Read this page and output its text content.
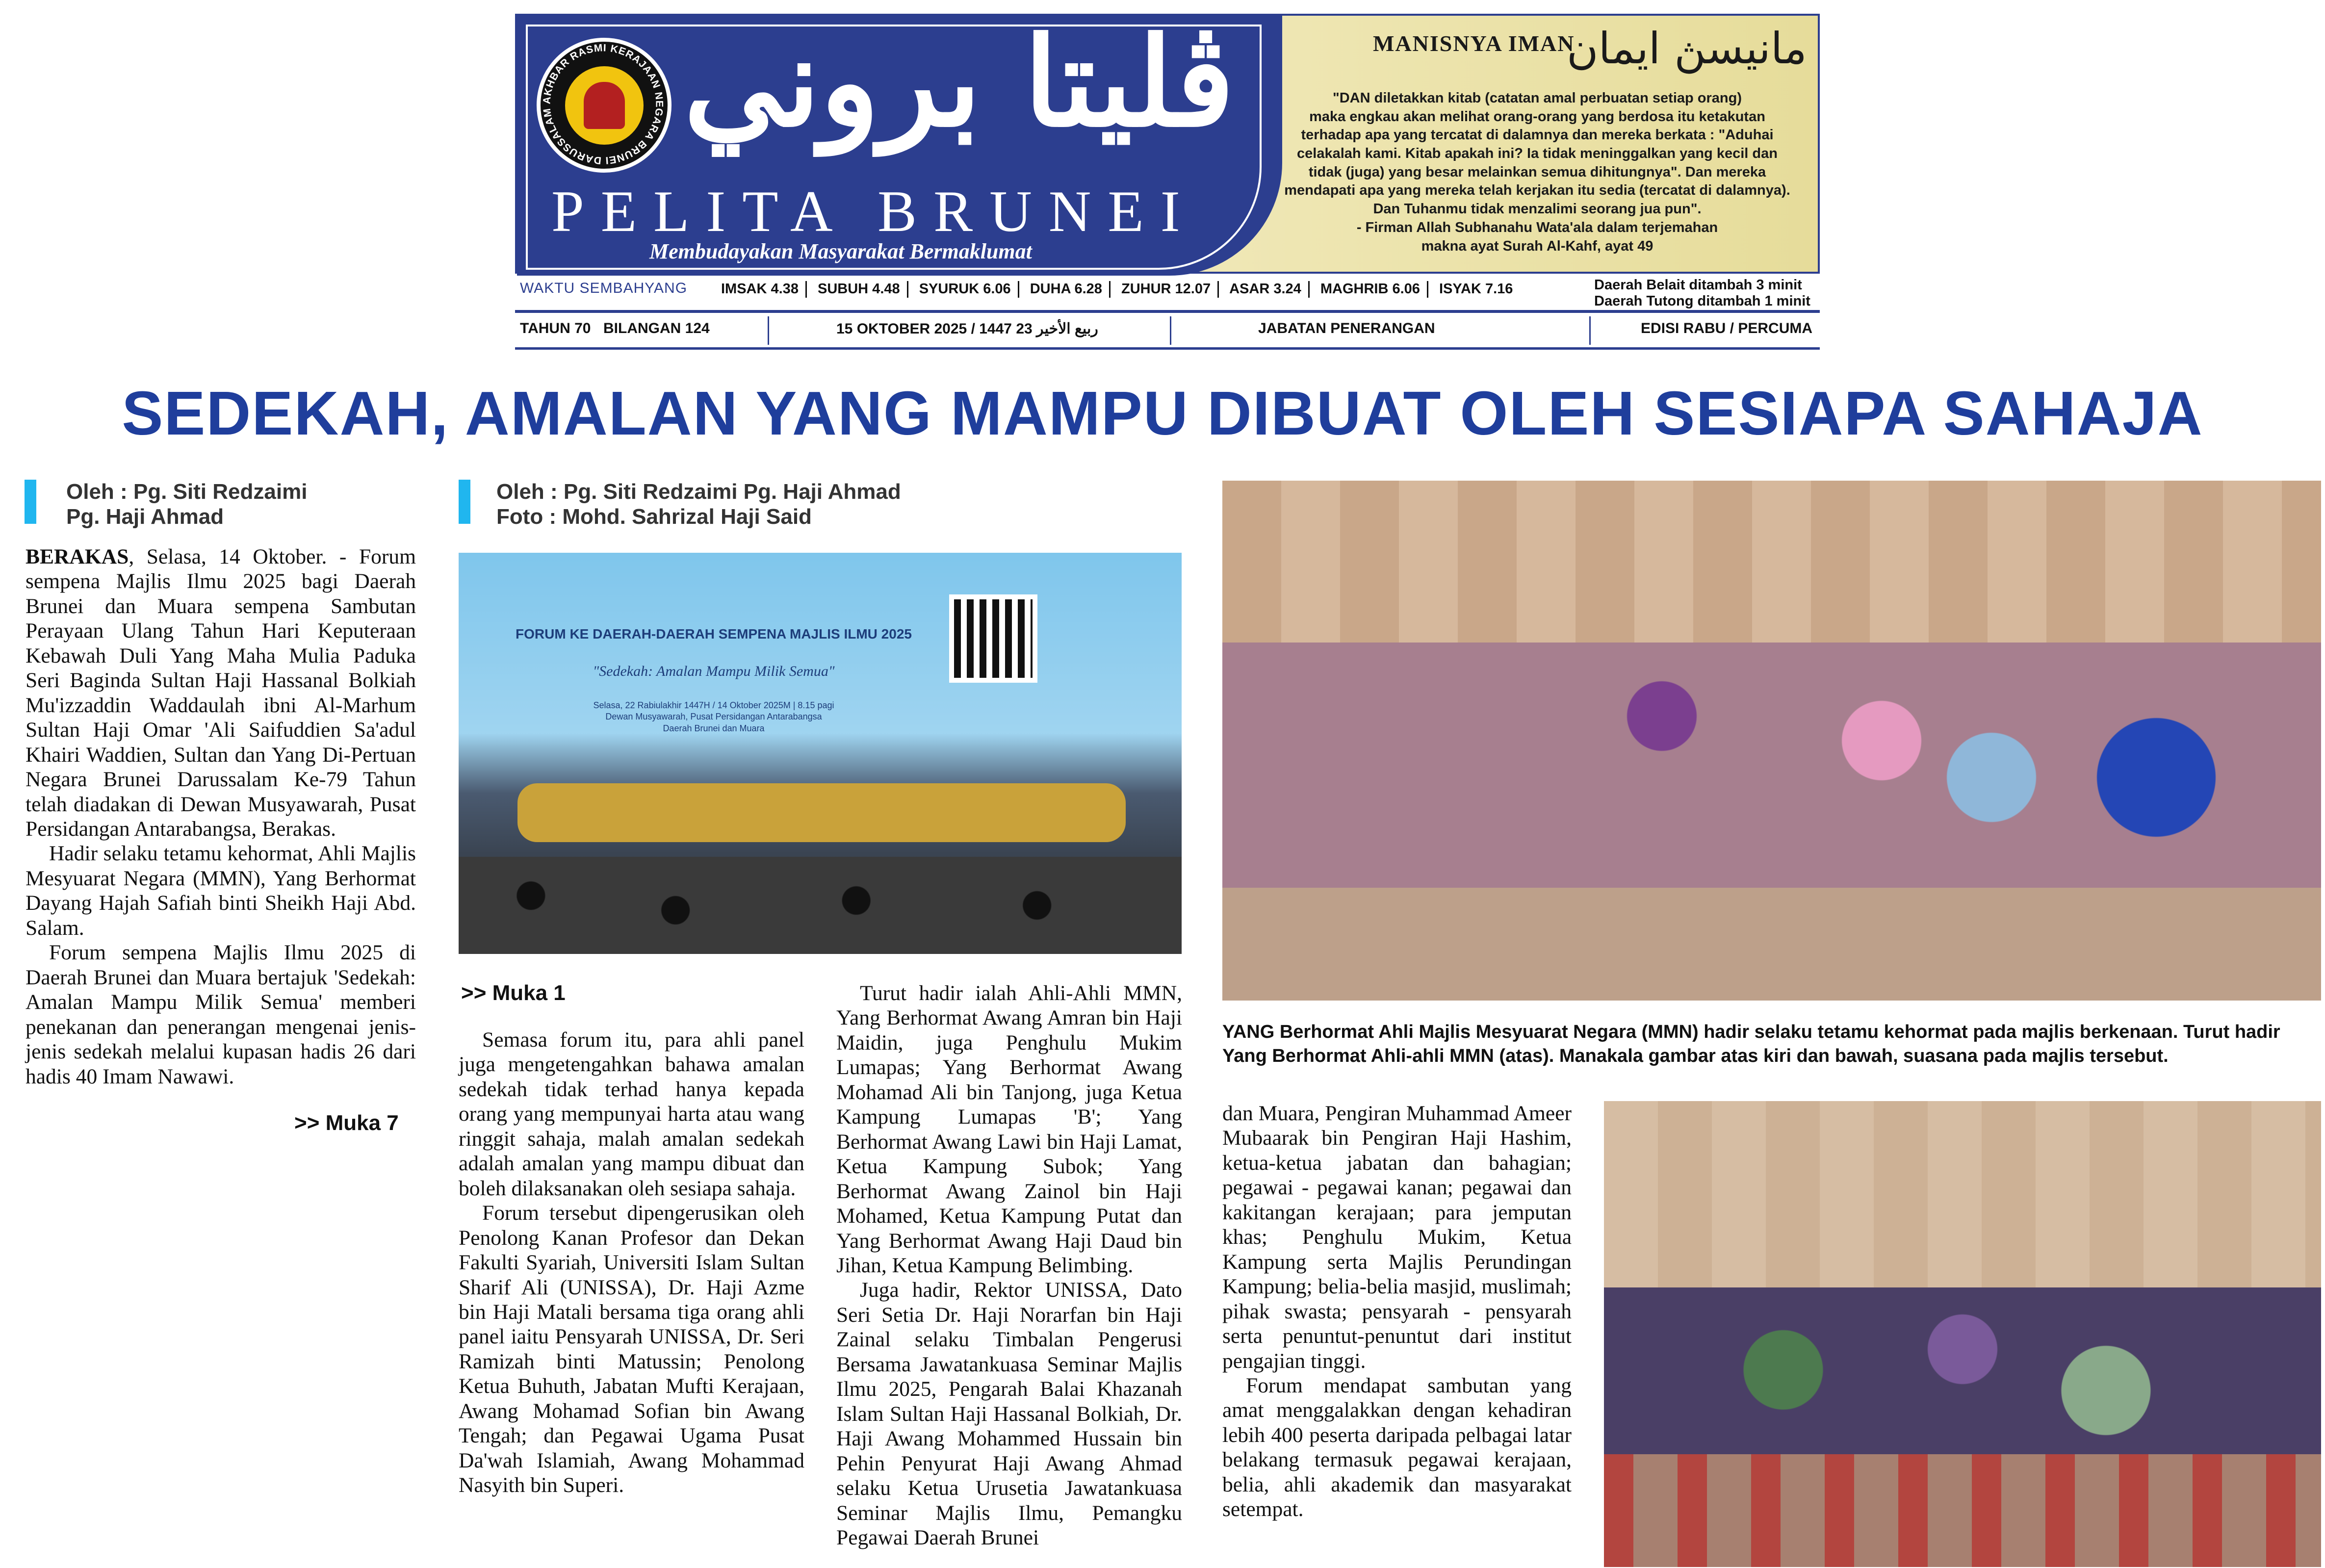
AKHBAR RASMI KERAJAAN NEGARA BRUNEI DARUSSALAM	ڤليتا بروني
PELITA BRUNEI
Membudayakan Masyarakat Bermaklumat
MANISNYA IMAN
مانيسڽ ايمان
"DAN diletakkan kitab (catatan amal perbuatan setiap orang)
maka engkau akan melihat orang-orang yang berdosa itu ketakutan
terhadap apa yang tercatat di dalamnya dan mereka berkata : "Aduhai
celakalah kami. Kitab apakah ini? Ia tidak meninggalkan yang kecil dan
tidak (juga) yang besar melainkan semua dihitungnya". Dan mereka
mendapati apa yang mereka telah kerjakan itu sedia (tercatat di dalamnya).
Dan Tuhanmu tidak menzalimi seorang jua pun".
- Firman Allah Subhanahu Wata'ala dalam terjemahan
makna ayat Surah Al-Kahf, ayat 49
WAKTU SEMBAHYANG IMSAK 4.38 SUBUH 4.48 SYURUK 6.06 DUHA 6.28 ZUHUR 12.07 ASAR 3.24 MAGHRIB 6.06 ISYAK 7.16	Daerah Belait ditambah 3 minit
Daerah Tutong ditambah 1 minit
TAHUN 70 BILANGAN 124	15 OKTOBER 2025 / 1447 ربيع الأخير 23	JABATAN PENERANGAN	EDISI RABU / PERCUMA
SEDEKAH, AMALAN YANG MAMPU DIBUAT OLEH SESIAPA SAHAJA
Oleh : Pg. Siti Redzaimi
Pg. Haji Ahmad

BERAKAS, Selasa, 14 Oktober. - Forum sempena Majlis Ilmu 2025 bagi Daerah Brunei dan Muara sempena Sambutan Perayaan Ulang Tahun Hari Keputeraan Kebawah Duli Yang Maha Mulia Paduka Seri Baginda Sultan Haji Hassanal Bolkiah Mu'izzaddin Waddaulah ibni Al-Marhum Sultan Haji Omar 'Ali Saifuddien Sa'adul Khairi Waddien, Sultan dan Yang Di-Pertuan Negara Brunei Darussalam Ke-79 Tahun telah diadakan di Dewan Musyawarah, Pusat Persidangan Antarabangsa, Berakas.

Hadir selaku tetamu kehormat, Ahli Majlis Mesyuarat Negara (MMN), Yang Berhormat Dayang Hajah Safiah binti Sheikh Haji Abd. Salam.

Forum sempena Majlis Ilmu 2025 di Daerah Brunei dan Muara bertajuk 'Sedekah: Amalan Mampu Milik Semua' memberi penekanan dan penerangan mengenai jenis-jenis sedekah melalui kupasan hadis 26 dari hadis 40 Imam Nawawi.

>> Muka 7
Oleh : Pg. Siti Redzaimi Pg. Haji Ahmad
Foto : Mohd. Sahrizal Haji Said
FORUM KE DAERAH-DAERAH SEMPENA MAJLIS ILMU 2025
"Sedekah: Amalan Mampu Milik Semua"
Selasa, 22 Rabiulakhir 1447H / 14 Oktober 2025M | 8.15 pagi
Dewan Musyawarah, Pusat Persidangan Antarabangsa
Daerah Brunei dan Muara
>> Muka 1

Semasa forum itu, para ahli panel juga mengetengahkan bahawa amalan sedekah tidak terhad hanya kepada orang yang mempunyai harta atau wang ringgit sahaja, malah amalan sedekah adalah amalan yang mampu dibuat dan boleh dilaksanakan oleh sesiapa sahaja.

Forum tersebut dipengerusikan oleh Penolong Kanan Profesor dan Dekan Fakulti Syariah, Universiti Islam Sultan Sharif Ali (UNISSA), Dr. Haji Azme bin Haji Matali bersama tiga orang ahli panel iaitu Pensyarah UNISSA, Dr. Seri Ramizah binti Matussin; Penolong Ketua Buhuth, Jabatan Mufti Kerajaan, Awang Mohamad Sofian bin Awang Tengah; dan Pegawai Ugama Pusat Da'wah Islamiah, Awang Mohammad Nasyith bin Superi.

Turut hadir ialah Ahli-Ahli MMN, Yang Berhormat Awang Amran bin Haji Maidin, juga Penghulu Mukim Lumapas; Yang Berhormat Awang Mohamad Ali bin Tanjong, juga Ketua Kampung Lumapas 'B'; Yang Berhormat Awang Lawi bin Haji Lamat, Ketua Kampung Subok; Yang Berhormat Awang Zainol bin Haji Mohamed, Ketua Kampung Putat dan Yang Berhormat Awang Haji Daud bin Jihan, Ketua Kampung Belimbing.

Juga hadir, Rektor UNISSA, Dato Seri Setia Dr. Haji Norarfan bin Haji Zainal selaku Timbalan Pengerusi Bersama Jawatankuasa Seminar Majlis Ilmu 2025, Pengarah Balai Khazanah Islam Sultan Haji Hassanal Bolkiah, Dr. Haji Awang Mohammed Hussain bin Pehin Penyurat Haji Awang Ahmad selaku Ketua Urusetia Jawatankuasa Seminar Majlis Ilmu, Pemangku Pegawai Daerah Brunei

YANG Berhormat Ahli Majlis Mesyuarat Negara (MMN) hadir selaku tetamu kehormat pada majlis berkenaan. Turut hadir Yang Berhormat Ahli-ahli MMN (atas). Manakala gambar atas kiri dan bawah, suasana pada majlis tersebut.

dan Muara, Pengiran Muhammad Ameer Mubaarak bin Pengiran Haji Hashim, ketua-ketua jabatan dan bahagian; pegawai - pegawai kanan; pegawai dan kakitangan kerajaan; para jemputan khas; Penghulu Mukim, Ketua Kampung serta Majlis Perundingan Kampung; belia-belia masjid, muslimah; pihak swasta; pensyarah - pensyarah serta penuntut-penuntut dari institut pengajian tinggi.

Forum mendapat sambutan yang amat menggalakkan dengan kehadiran lebih 400 peserta daripada pelbagai latar belakang termasuk pegawai kerajaan, belia, ahli akademik dan masyarakat setempat.
